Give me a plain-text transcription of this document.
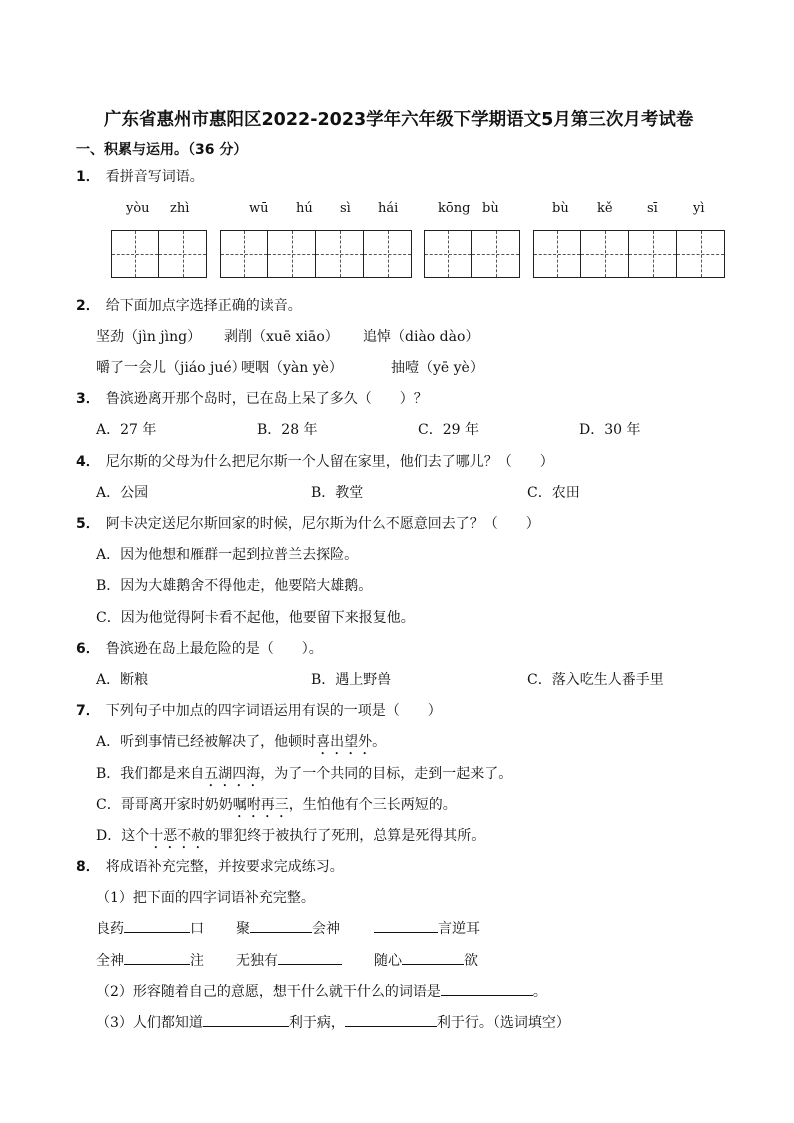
广东省惠州市惠阳区2022-2023学年六年级下学期语文5月第三次月考试卷
一、积累与运用。（36 分）
1． 看拼音写词语。
yòu zhì	wū hú sì hái	kōng bù	bù kě	sī	yì
2． 给下面加点字选择正确的读音。
坚劲（jìn jìng） 剥削（xuē xiāo） 追悼（diào dào）
嚼了一会儿（jiáo jué）
哽咽（yàn yè）	抽噎（yē yè）
3． 鲁滨逊离开那个岛时，已在岛上呆了多久（　　）？
A．27 年	B．28 年	C．29 年	D．30 年
4． 尼尔斯的父母为什么把尼尔斯一个人留在家里，他们去了哪儿？（　　）
A．公园	B．教堂	C．农田
5． 阿卡决定送尼尔斯回家的时候，尼尔斯为什么不愿意回去了？（　　）
A．因为他想和雁群一起到拉普兰去探险。
B．因为大雄鹅舍不得他走，他要陪大雄鹅。
C．因为他觉得阿卡看不起他，他要留下来报复他。
6． 鲁滨逊在岛上最危险的是（　　）。
A．断粮	B．遇上野兽	C．落入吃生人番手里
7． 下列句子中加点的四字词语运用有误的一项是（　　）
A．听到事情已经被解决了，他顿时喜出望外。
B．我们都是来自五湖四海，为了一个共同的目标，走到一起来了。
C．哥哥离开家时奶奶嘱咐再三，生怕他有个三长两短的。
D．这个十恶不赦的罪犯终于被执行了死刑，总算是死得其所。
8． 将成语补充完整，并按要求完成练习。
（1）把下面的四字词语补充完整。
良药	口 聚	会神	言逆耳
全神	注 无独有	随心	欲
（2）形容随着自己的意愿，想干什么就干什么的词语是	。
（3）人们都知道	利于病，	利于行。（选词填空）
